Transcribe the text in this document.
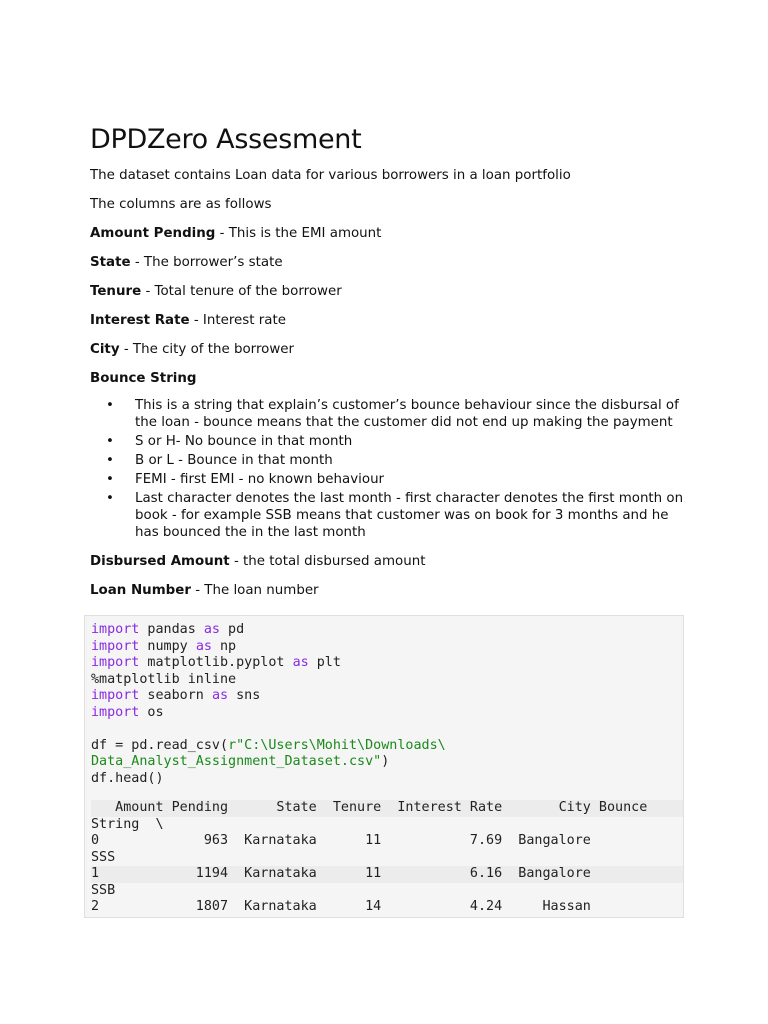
DPDZero Assesment

The dataset contains Loan data for various borrowers in a loan portfolio

The columns are as follows

Amount Pending - This is the EMI amount

State - The borrower’s state

Tenure - Total tenure of the borrower

Interest Rate - Interest rate

City - The city of the borrower

Bounce String

• This is a string that explain’s customer’s bounce behaviour since the disbursal of the loan - bounce means that the customer did not end up making the payment
• S or H- No bounce in that month
• B or L - Bounce in that month
• FEMI - first EMI - no known behaviour
• Last character denotes the last month - first character denotes the first month on book - for example SSB means that customer was on book for 3 months and he has bounced the in the last month

Disbursed Amount - the total disbursed amount

Loan Number - The loan number

import pandas as pd
import numpy as np
import matplotlib.pyplot as plt
%matplotlib inline
import seaborn as sns
import os

df = pd.read_csv(r"C:\Users\Mohit\Downloads\
Data_Analyst_Assignment_Dataset.csv")
df.head()
Amount Pending      State  Tenure  Interest Rate       City Bounce
String  \
0             963  Karnataka      11           7.69  Bangalore
SSS
1            1194  Karnataka      11           6.16  Bangalore
SSB
2            1807  Karnataka      14           4.24     Hassan
